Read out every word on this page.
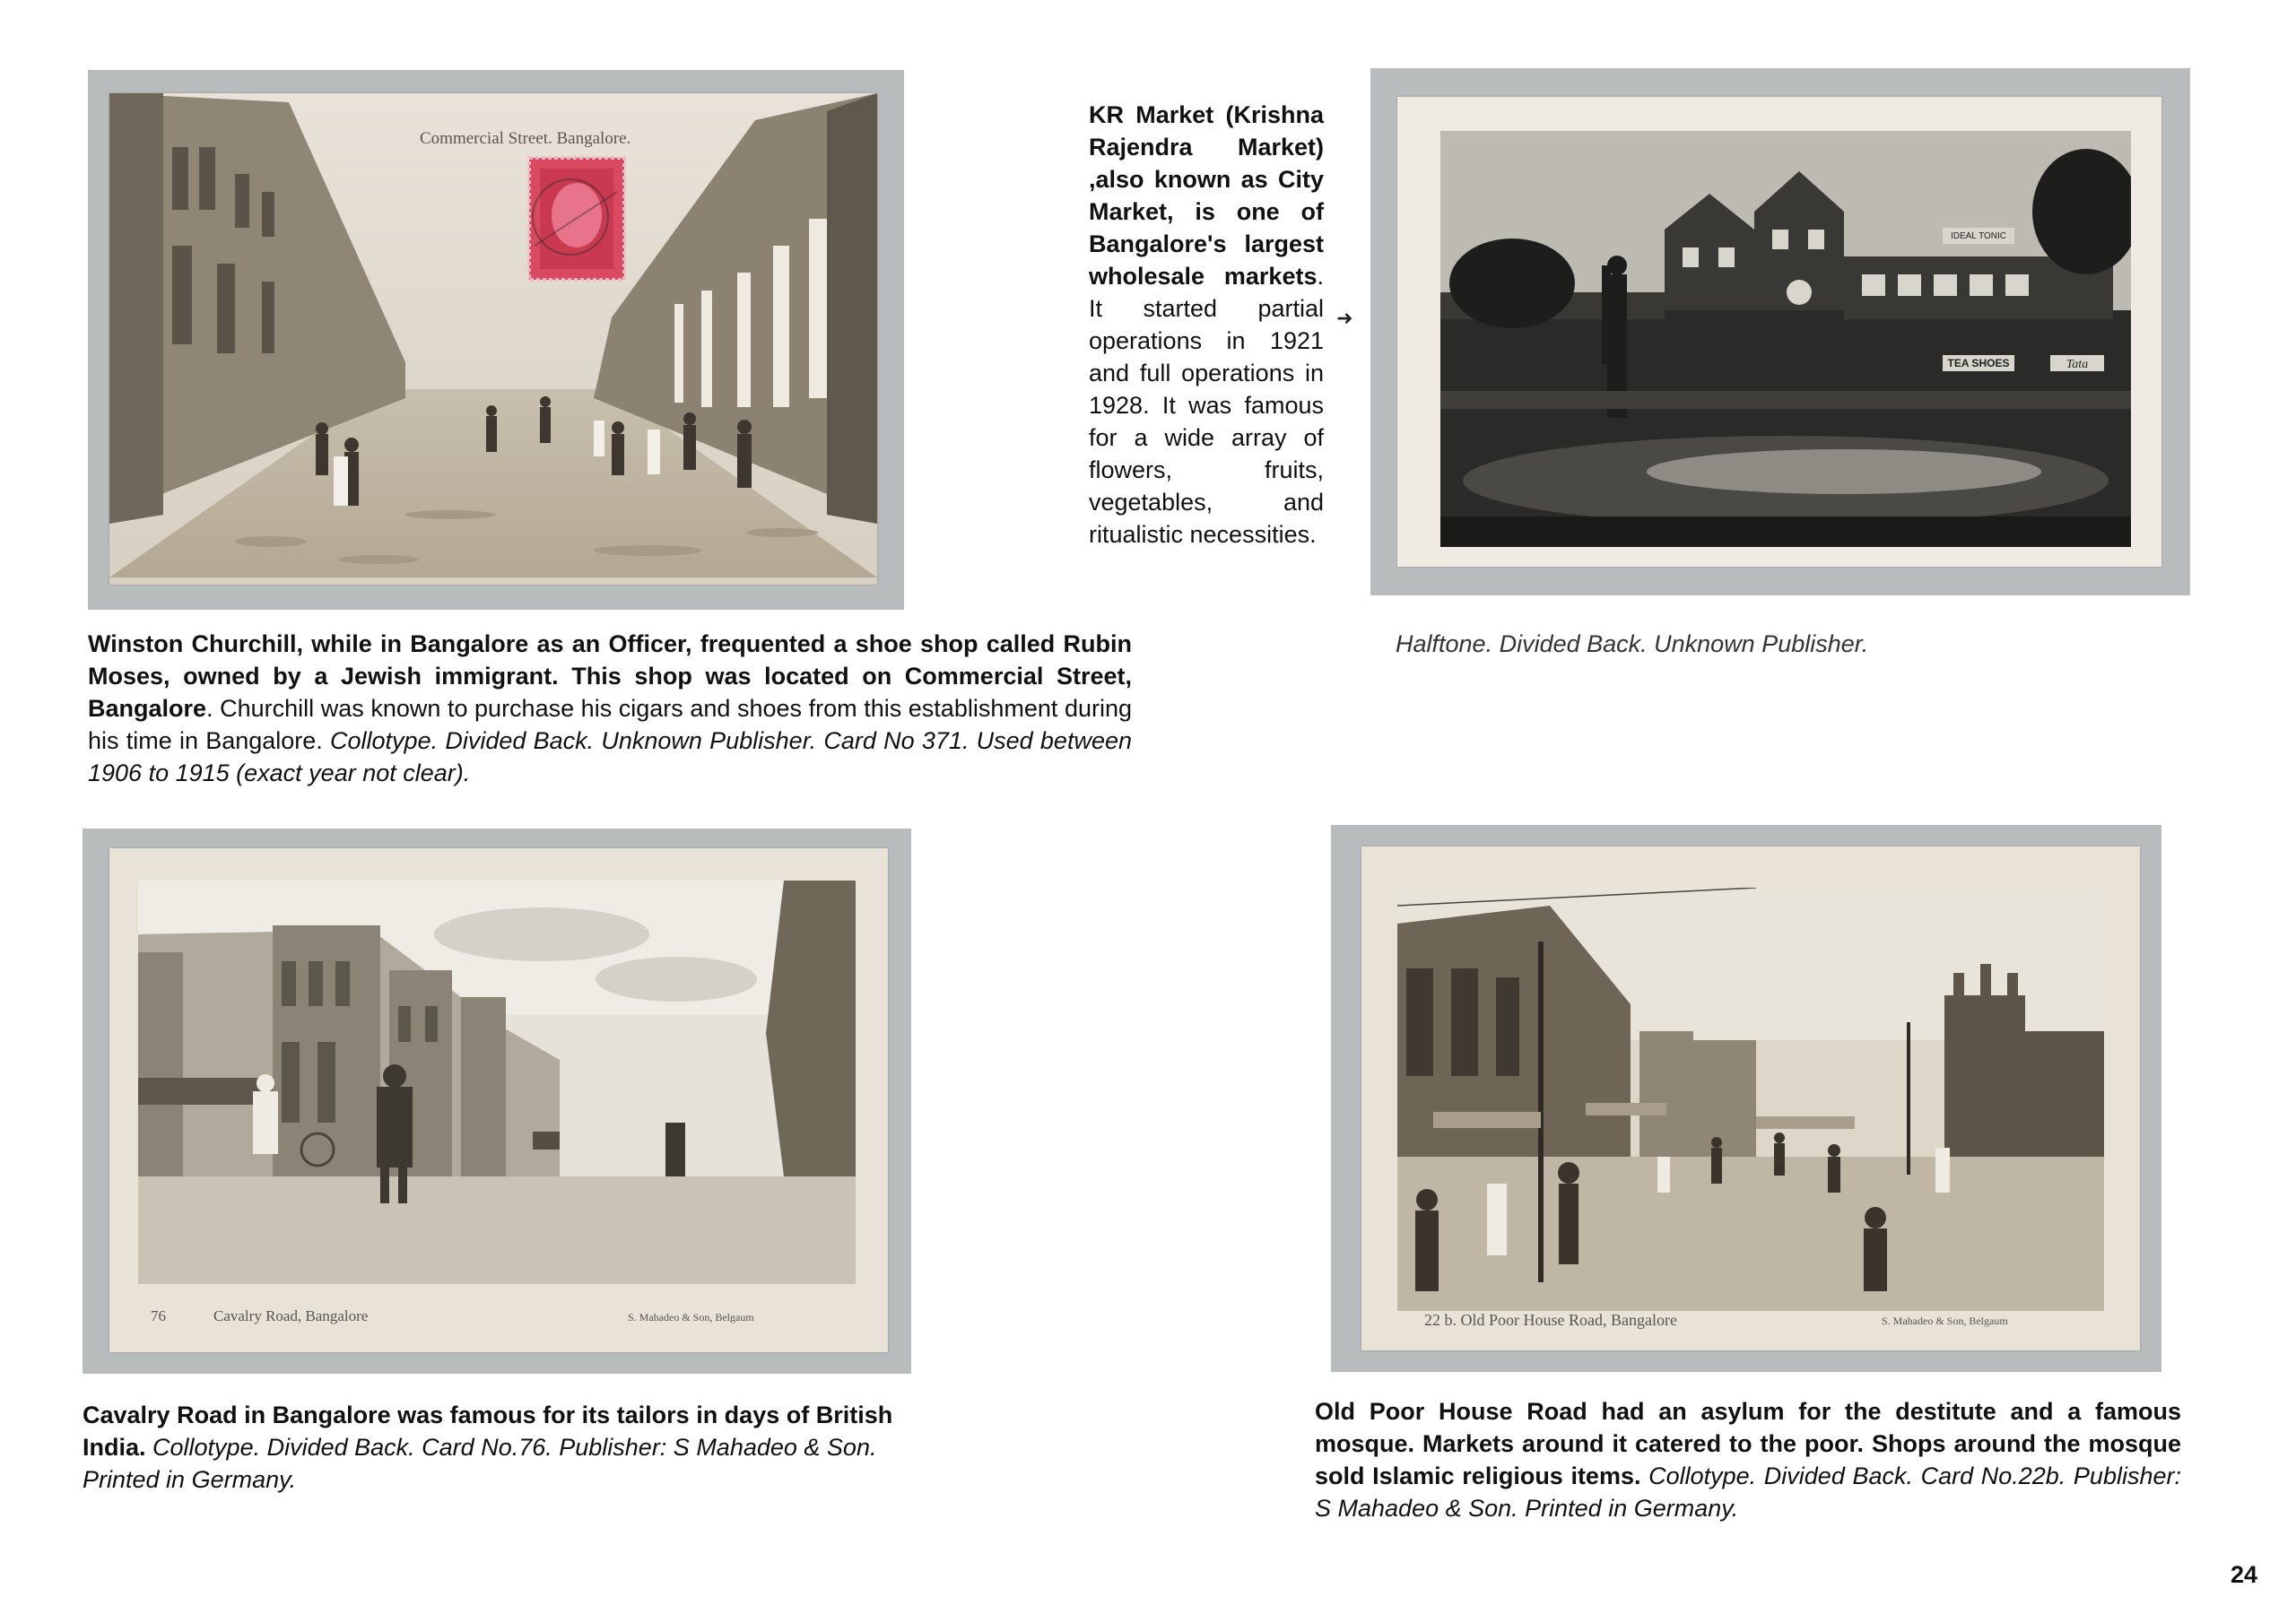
Commercial Street. Bangalore.
Winston Churchill, while in Bangalore as an Officer, frequented a shoe shop called Rubin Moses, owned by a Jewish immigrant. This shop was located on Commercial Street, Bangalore. Churchill was known to purchase his cigars and shoes from this establishment during his time in Bangalore. Collotype. Divided Back. Unknown Publisher. Card No 371. Used between 1906 to 1915 (exact year not clear).
KR Market (Krishna Rajendra Market) ,also known as City Market, is one of Bangalore's largest wholesale markets. It started partial operations in 1921 and full operations in 1928. It was famous for a wide array of flowers, fruits, vegetables, and ritualistic necessities.
➜
IDEAL TONIC
TEA SHOES	Tata
Halftone. Divided Back. Unknown Publisher.
76	Cavalry Road, Bangalore	S. Mahadeo & Son, Belgaum
Cavalry Road in Bangalore was famous for its tailors in days of British India. Collotype. Divided Back. Card No.76. Publisher: S Mahadeo & Son. Printed in Germany.
22 b. Old Poor House Road, Bangalore	S. Mahadeo & Son, Belgaum
Old Poor House Road had an asylum for the destitute and a famous mosque. Markets around it catered to the poor. Shops around the mosque sold Islamic religious items. Collotype. Divided Back. Card No.22b. Publisher: S Mahadeo & Son. Printed in Germany.
24
